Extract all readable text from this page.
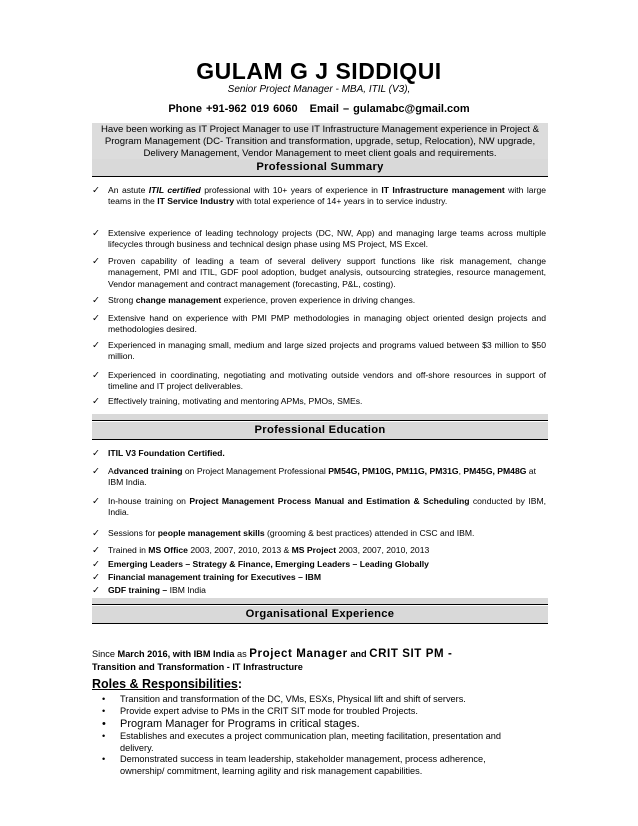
GULAM G J SIDDIQUI
Senior Project Manager - MBA, ITIL (V3),
Phone +91-962 019 6060 Email – gulamabc@gmail.com
Have been working as IT Project Manager to use IT Infrastructure Management experience in Project & Program Management (DC- Transition and transformation, upgrade, setup, Relocation), NW upgrade, Delivery Management, Vendor Management to meet client goals and requirements.
Professional Summary
✓ An astute ITIL certified professional with 10+ years of experience in IT Infrastructure management with large teams in the IT Service Industry with total experience of 14+ years in to service industry.
✓ Extensive experience of leading technology projects (DC, NW, App) and managing large teams across multiple lifecycles through business and technical design phase using MS Project, MS Excel.
✓ Proven capability of leading a team of several delivery support functions like risk management, change management, PMI and ITIL, GDF pool adoption, budget analysis, outsourcing strategies, resource management, Vendor management and contract management (forecasting, P&L, costing).
✓ Strong change management experience, proven experience in driving changes.
✓ Extensive hand on experience with PMI PMP methodologies in managing object oriented design projects and methodologies desired.
✓ Experienced in managing small, medium and large sized projects and programs valued between $3 million to $50 million.
✓ Experienced in coordinating, negotiating and motivating outside vendors and off-shore resources in support of timeline and IT project deliverables.
✓ Effectively training, motivating and mentoring APMs, PMOs, SMEs.
Professional Education
✓ ITIL V3 Foundation Certified.
✓ Advanced training on Project Management Professional PM54G, PM10G, PM11G, PM31G, PM45G, PM48G at IBM India.
✓ In-house training on Project Management Process Manual and Estimation & Scheduling conducted by IBM, India.
✓ Sessions for people management skills (grooming & best practices) attended in CSC and IBM.
✓ Trained in MS Office 2003, 2007, 2010, 2013 & MS Project 2003, 2007, 2010, 2013
✓ Emerging Leaders – Strategy & Finance, Emerging Leaders – Leading Globally
✓ Financial management training for Executives – IBM
✓ GDF training – IBM India
Organisational Experience
Since March 2016, with IBM India as Project Manager and CRIT SIT PM -
Transition and Transformation - IT Infrastructure
Roles & Responsibilities:
• Transition and transformation of the DC, VMs, ESXs, Physical lift and shift of servers.
• Provide expert advise to PMs in the CRIT SIT mode for troubled Projects.
• Program Manager for Programs in critical stages.
• Establishes and executes a project communication plan, meeting facilitation, presentation and delivery.
• Demonstrated success in team leadership, stakeholder management, process adherence, ownership/ commitment, learning agility and risk management capabilities.
